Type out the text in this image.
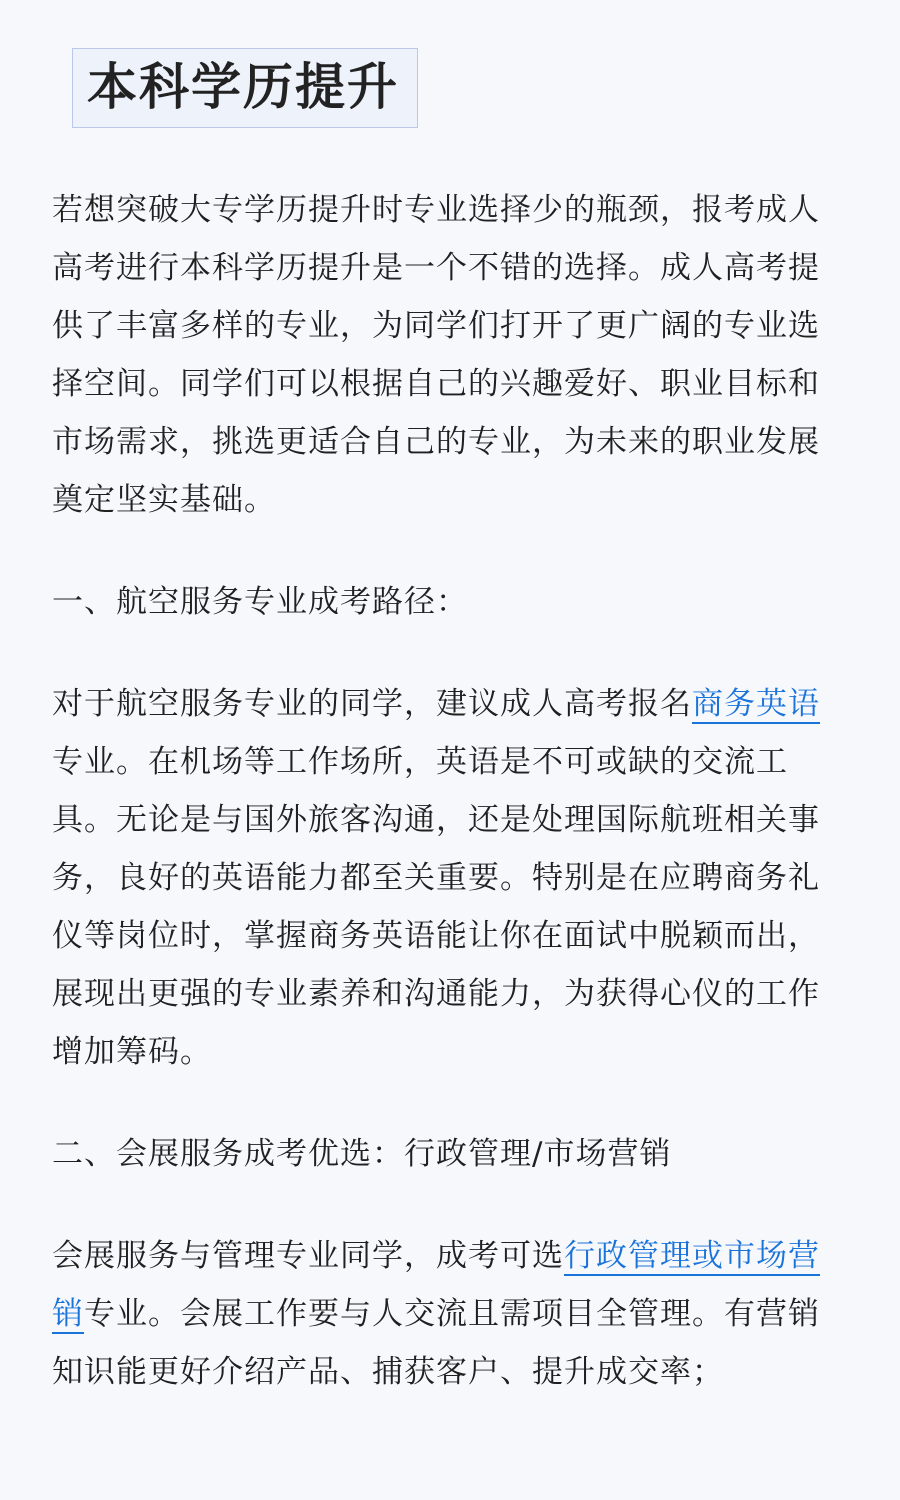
本科学历提升

若想突破大专学历提升时专业选择少的瓶颈，报考成人高考进行本科学历提升是一个不错的选择。成人高考提供了丰富多样的专业，为同学们打开了更广阔的专业选择空间。同学们可以根据自己的兴趣爱好、职业目标和市场需求，挑选更适合自己的专业，为未来的职业发展奠定坚实基础。

一、航空服务专业成考路径：

对于航空服务专业的同学，建议成人高考报名商务英语专业。在机场等工作场所，英语是不可或缺的交流工具。无论是与国外旅客沟通，还是处理国际航班相关事务，良好的英语能力都至关重要。特别是在应聘商务礼仪等岗位时，掌握商务英语能让你在面试中脱颖而出，展现出更强的专业素养和沟通能力，为获得心仪的工作增加筹码。

二、会展服务成考优选：行政管理/市场营销

会展服务与管理专业同学，成考可选行政管理或市场营销专业。会展工作要与人交流且需项目全管理。有营销知识能更好介绍产品、捕获客户、提升成交率；
